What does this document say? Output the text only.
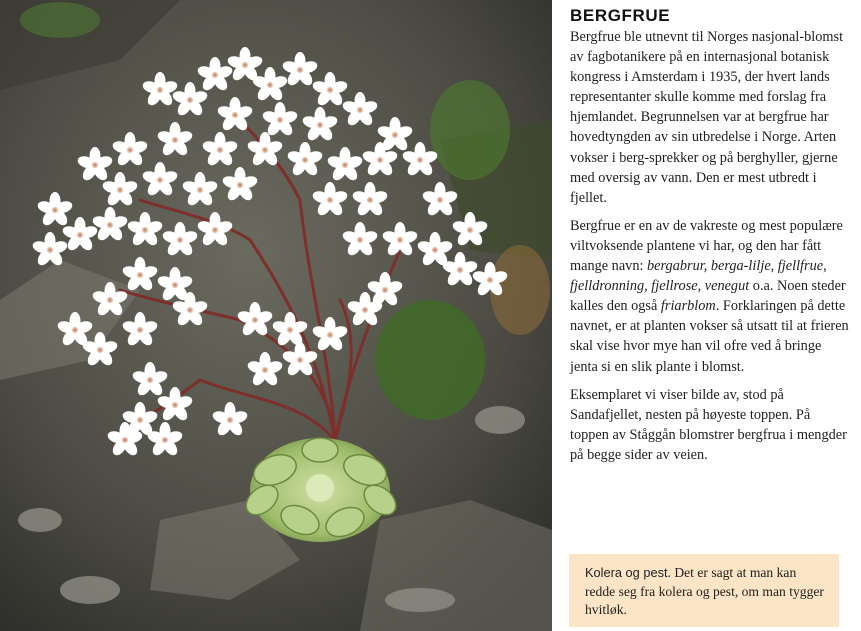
BERGFRUE

Bergfrue ble utnevnt til Norges nasjonal-blomst av fagbotanikere på en internasjonal botanisk kongress i Amsterdam i 1935, der hvert lands representanter skulle komme med forslag fra hjemlandet. Begrunnelsen var at bergfrue har hovedtyngden av sin utbredelse i Norge. Arten vokser i berg-sprekker og på berghyller, gjerne med oversig av vann. Den er mest utbredt i fjellet.

Bergfrue er en av de vakreste og mest populære viltvoksende plantene vi har, og den har fått mange navn: bergabrur, berga-lilje, fjellfrue, fjelldronning, fjellrose, venegut o.a. Noen steder kalles den også friarblom. Forklaringen på dette navnet, er at planten vokser så utsatt til at frieren skal vise hvor mye han vil ofre ved å bringe jenta si en slik plante i blomst.

Eksemplaret vi viser bilde av, stod på Sandafjellet, nesten på høyeste toppen. På toppen av Ståggån blomstrer bergfrua i mengder på begge sider av veien.

Kolera og pest. Det er sagt at man kan redde seg fra kolera og pest, om man tygger hvitløk.
